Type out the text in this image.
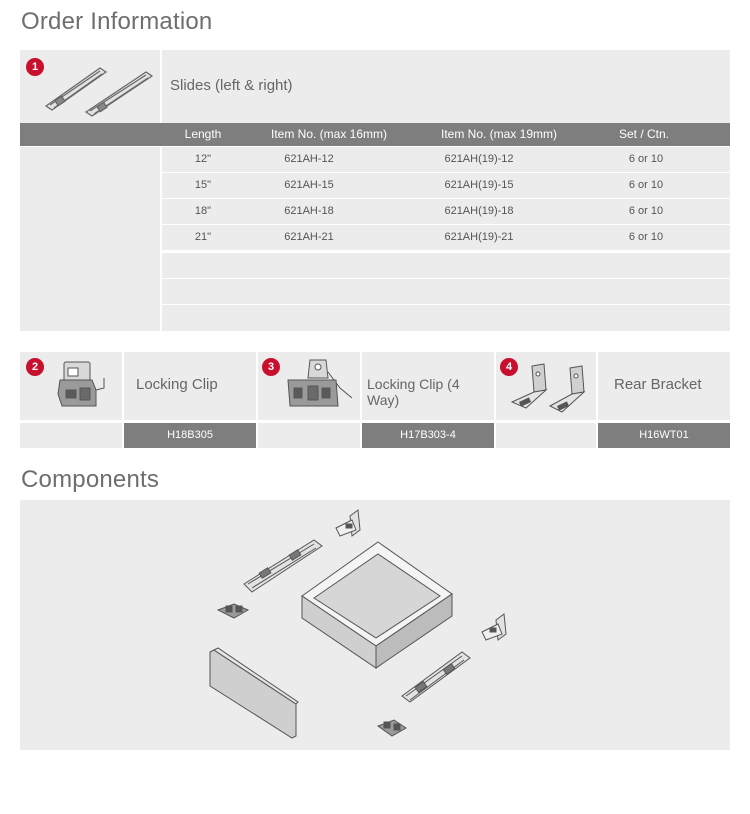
Order Information
1
Slides (left & right)
Length	Item No. (max 16mm)	Item No. (max 19mm)	Set / Ctn.
12"	621AH-12	621AH(19)-12	6 or 10
15"	621AH-15	621AH(19)-15	6 or 10
18"	621AH-18	621AH(19)-18	6 or 10
21"	621AH-21	621AH(19)-21	6 or 10
2
Locking Clip
H18B305
3
Locking Clip (4 Way)
H17B303-4
4
Rear Bracket
H16WT01
Components
